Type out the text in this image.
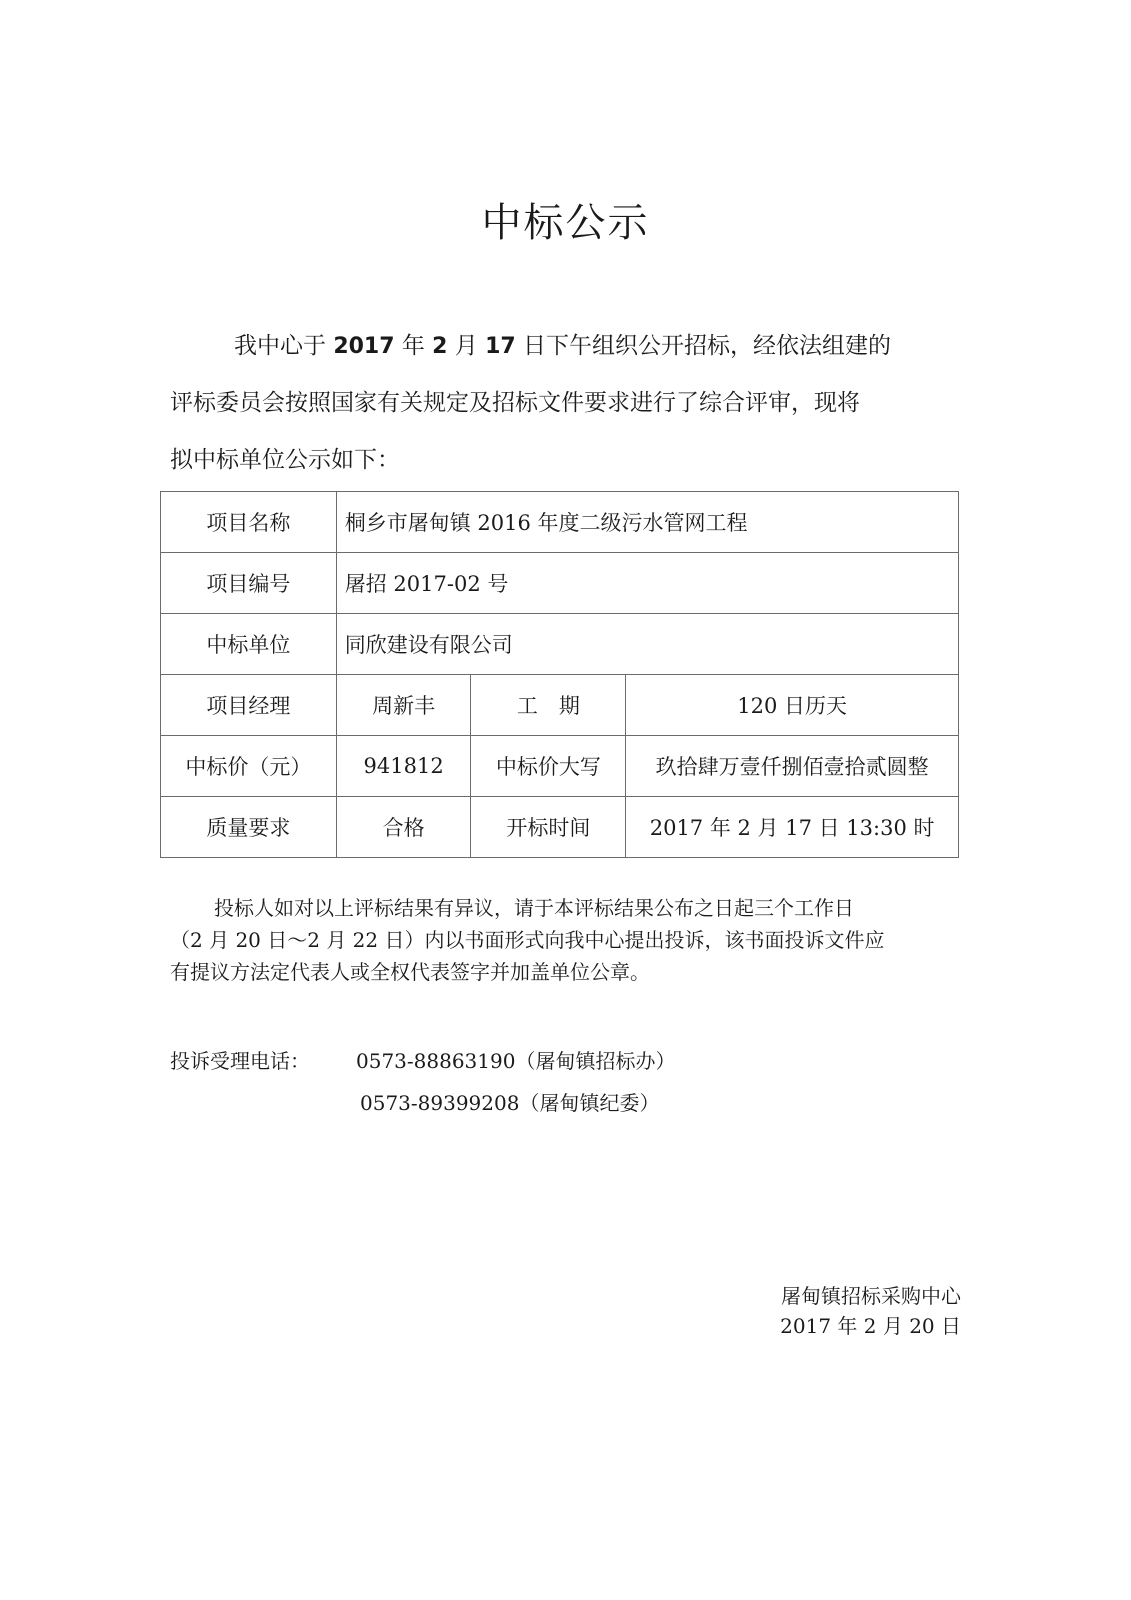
中标公示

我中心于 2017 年 2 月 17 日下午组织公开招标，经依法组建的

评标委员会按照国家有关规定及招标文件要求进行了综合评审，现将

拟中标单位公示如下：

项目名称	桐乡市屠甸镇 2016 年度二级污水管网工程		
项目编号	屠招 2017-02 号		
中标单位	同欣建设有限公司		
项目经理	周新丰	工　期	120 日历天
中标价（元）	941812	中标价大写	玖拾肆万壹仟捌佰壹拾贰圆整
质量要求	合格	开标时间	2017 年 2 月 17 日 13:30 时

投标人如对以上评标结果有异议，请于本评标结果公布之日起三个工作日

（2 月 20 日～2 月 22 日）内以书面形式向我中心提出投诉，该书面投诉文件应

有提议方法定代表人或全权代表签字并加盖单位公章。

投诉受理电话： 0573-88863190（屠甸镇招标办）
0573-89399208（屠甸镇纪委）
屠甸镇招标采购中心
2017 年 2 月 20 日
